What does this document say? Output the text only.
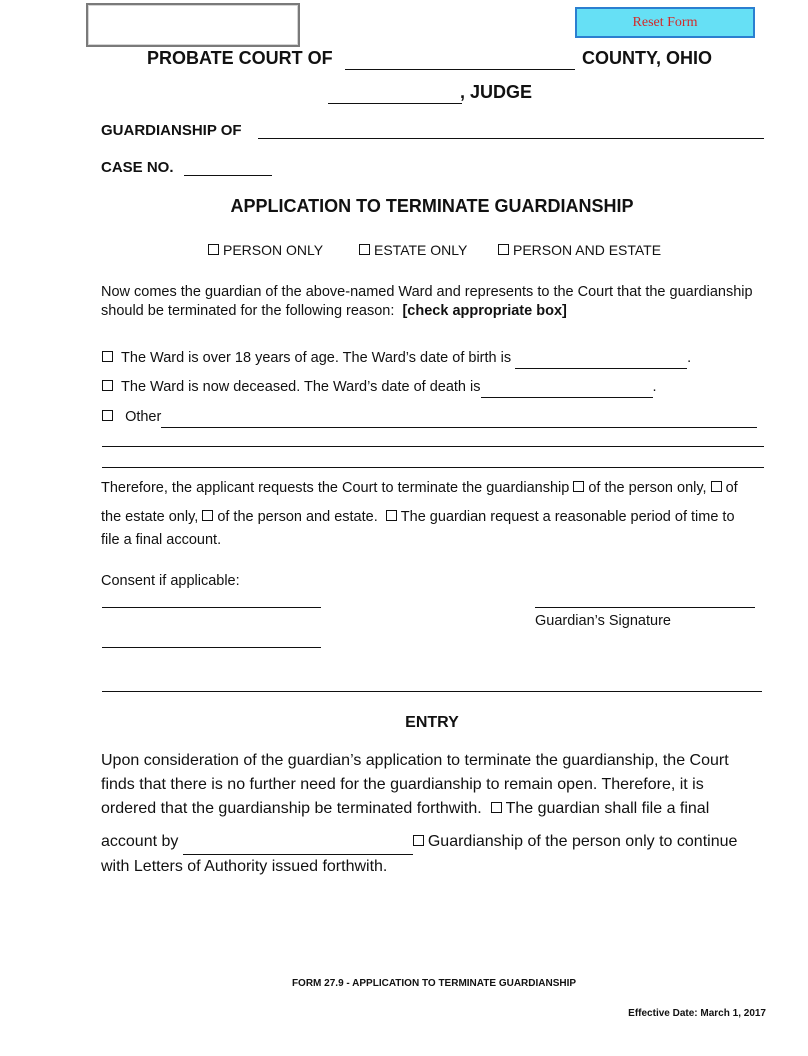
Reset Form
PROBATE COURT OF	COUNTY, OHIO
, JUDGE
GUARDIANSHIP OF
CASE NO.
APPLICATION TO TERMINATE GUARDIANSHIP
PERSON ONLY	ESTATE ONLY	PERSON AND ESTATE
Now comes the guardian of the above-named Ward and represents to the Court that the guardianship
should be terminated for the following reason: [check appropriate box]
The Ward is over 18 years of age. The Ward’s date of birth is	.
The Ward is now deceased. The Ward’s date of death is	.
Other
Therefore, the applicant requests the Court to terminate the guardianship of the person only, of
the estate only, of the person and estate. The guardian request a reasonable period of time to
file a final account.
Consent if applicable:
Guardian’s Signature
ENTRY
Upon consideration of the guardian’s application to terminate the guardianship, the Court
finds that there is no further need for the guardianship to remain open. Therefore, it is
ordered that the guardianship be terminated forthwith. The guardian shall file a final
account by	Guardianship of the person only to continue
with Letters of Authority issued forthwith.
FORM 27.9 - APPLICATION TO TERMINATE GUARDIANSHIP
Effective Date: March 1, 2017
